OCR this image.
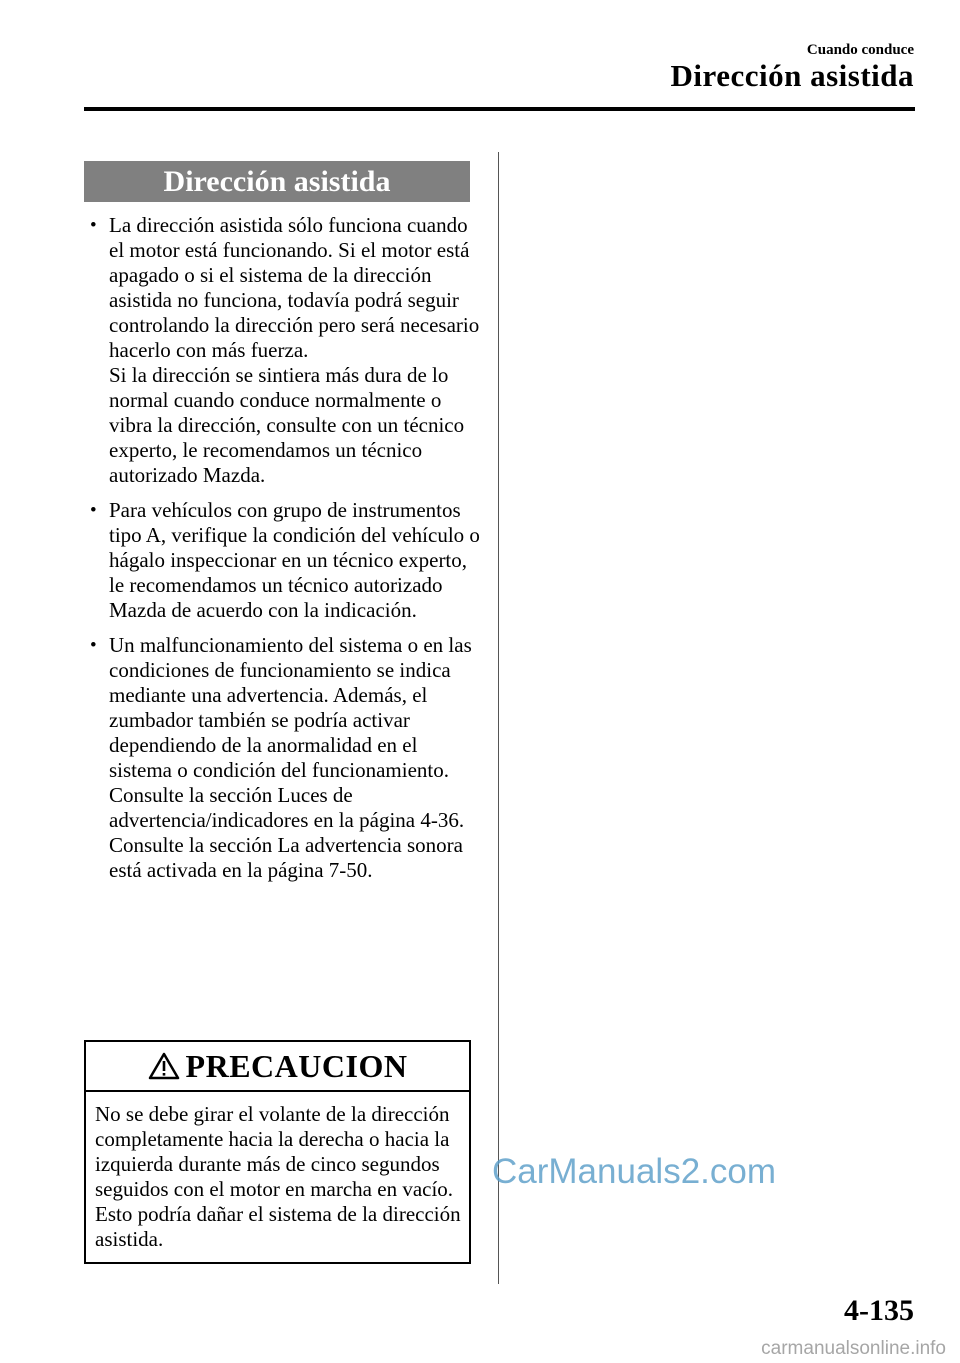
Cuando conduce
Dirección asistida
Dirección asistida
• La dirección asistida sólo funciona cuando el motor está funcionando. Si el motor está apagado o si el sistema de la dirección asistida no funciona, todavía podrá seguir controlando la dirección pero será necesario hacerlo con más fuerza.
Si la dirección se sintiera más dura de lo normal cuando conduce normalmente o vibra la dirección, consulte con un técnico experto, le recomendamos un técnico autorizado Mazda.
• Para vehículos con grupo de instrumentos tipo A, verifique la condición del vehículo o hágalo inspeccionar en un técnico experto, le recomendamos un técnico autorizado Mazda de acuerdo con la indicación.
• Un malfuncionamiento del sistema o en las condiciones de funcionamiento se indica mediante una advertencia. Además, el zumbador también se podría activar dependiendo de la anormalidad en el sistema o condición del funcionamiento.
Consulte la sección Luces de advertencia/indicadores en la página 4-36.
Consulte la sección La advertencia sonora está activada en la página 7-50.
PRECAUCION
No se debe girar el volante de la dirección completamente hacia la derecha o hacia la izquierda durante más de cinco segundos seguidos con el motor en marcha en vacío. Esto podría dañar el sistema de la dirección asistida.
CarManuals2.com
4-135
carmanualsonline.info
